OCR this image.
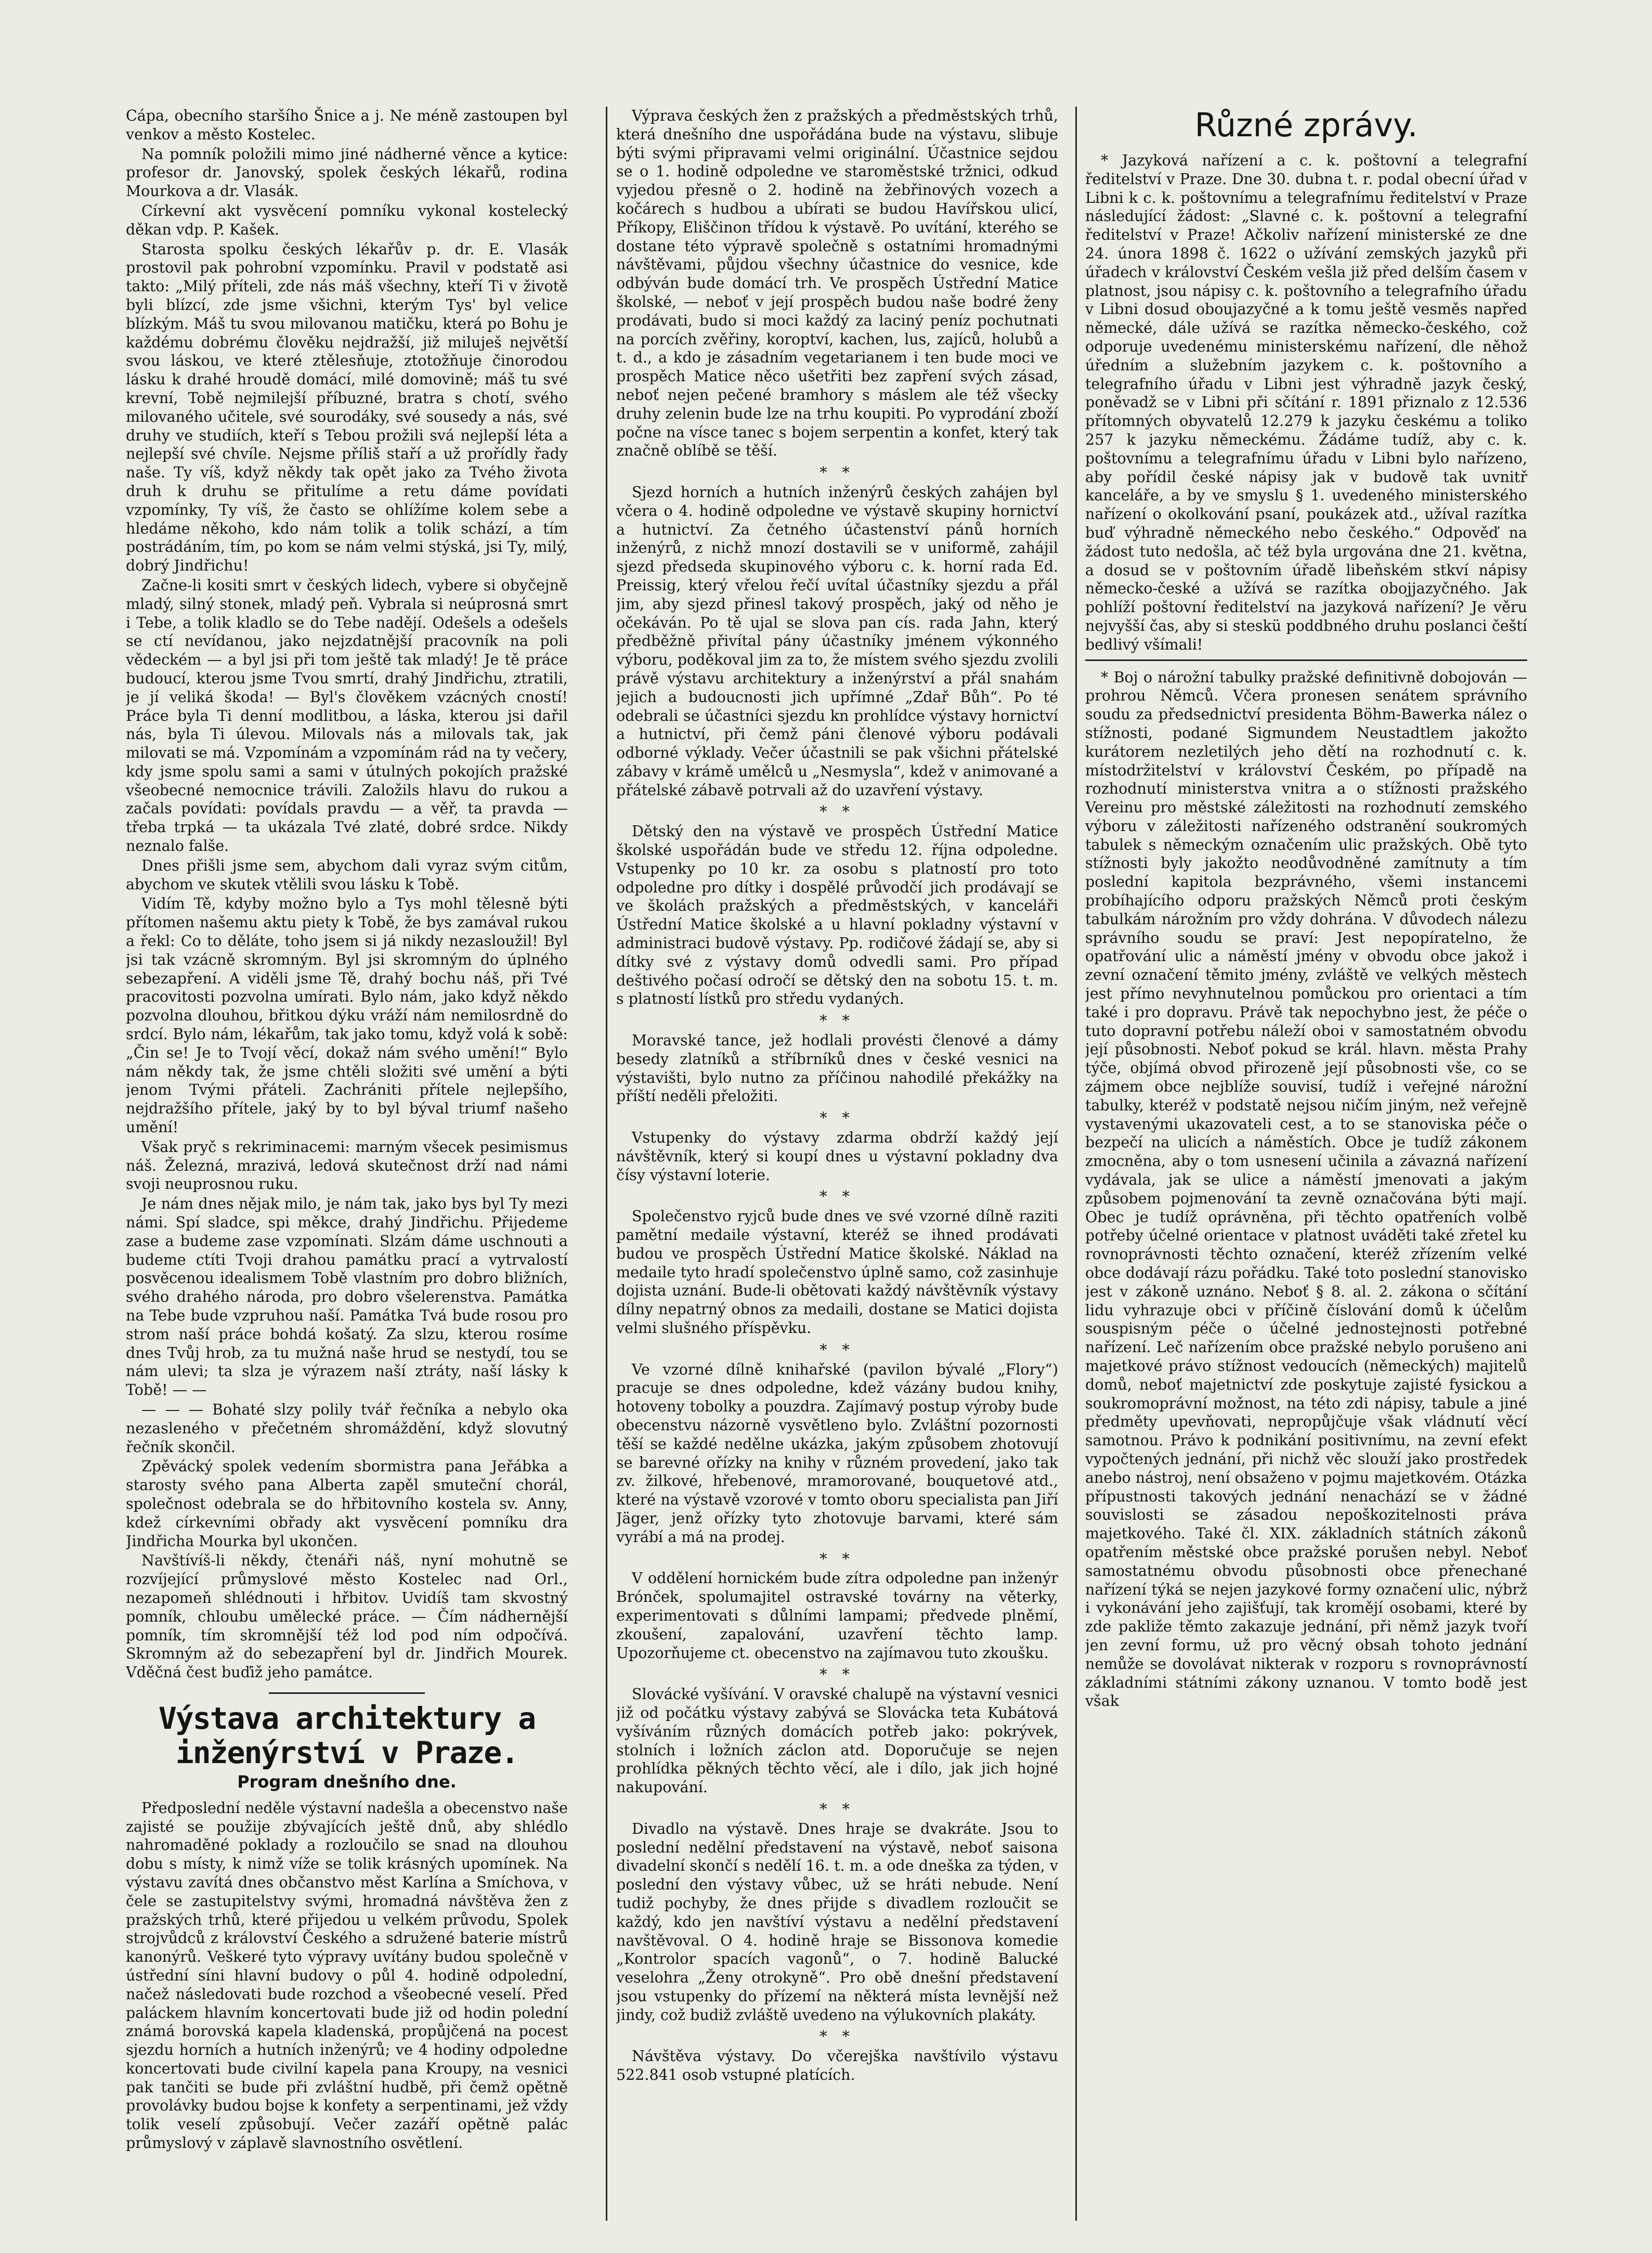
Cápa, obecního staršího Šnice a j. Ne méně zastoupen byl venkov a město Kostelec.

Na pomník položili mimo jiné nádherné věnce a kytice: profesor dr. Janovský, spolek českých lékařů, rodina Mourkova a dr. Vlasák.

Církevní akt vysvěcení pomníku vykonal kostelecký děkan vdp. P. Kašek.

Starosta spolku českých lékařův p. dr. E. Vlasák prostovil pak pohrobní vzpomínku. Pravil v podstatě asi takto: „Milý příteli, zde nás máš všechny, kteří Ti v životě byli blízcí, zde jsme všichni, kterým Tys' byl velice blízkým. Máš tu svou milovanou matičku, která po Bohu je každému dobrému člověku nejdražší, již miluješ největší svou láskou, ve které ztělesňuje, ztotožňuje činorodou lásku k drahé hroudě domácí, milé domovině; máš tu své krevní, Tobě nejmilejší příbuzné, bratra s chotí, svého milovaného učitele, své sourodáky, své sousedy a nás, své druhy ve studiích, kteří s Tebou prožili svá nejlepší léta a nejlepší své chvíle. Nejsme příliš staří a už prořídly řady naše. Ty víš, když někdy tak opět jako za Tvého života druh k druhu se přitulíme a retu dáme povídati vzpomínky, Ty víš, že často se ohlížíme kolem sebe a hledáme někoho, kdo nám tolik a tolik schází, a tím postrádáním, tím, po kom se nám velmi stýská, jsi Ty, milý, dobrý Jindřichu!

Začne-li kositi smrt v českých lidech, vybere si obyčejně mladý, silný stonek, mladý peň. Vybrala si neúprosná smrt i Tebe, a tolik kladlo se do Tebe nadějí. Odešels a odešels se ctí nevídanou, jako nejzdatnější pracovník na poli vědeckém — a byl jsi při tom ještě tak mladý! Je tě práce budoucí, kterou jsme Tvou smrtí, drahý Jindřichu, ztratili, je jí veliká škoda! — Byl's člověkem vzácných cností! Práce byla Ti denní modlitbou, a láska, kterou jsi dařil nás, byla Ti úlevou. Milovals nás a milovals tak, jak milovati se má. Vzpomínám a vzpomínám rád na ty večery, kdy jsme spolu sami a sami v útulných pokojích pražské všeobecné nemocnice trávili. Založils hlavu do rukou a začals povídati: povídals pravdu — a věř, ta pravda — třeba trpká — ta ukázala Tvé zlaté, dobré srdce. Nikdy neznalo falše.

Dnes přišli jsme sem, abychom dali vyraz svým citům, abychom ve skutek vtělili svou lásku k Tobě.

Vidím Tě, kdyby možno bylo a Tys mohl tělesně býti přítomen našemu aktu piety k Tobě, že bys zamával rukou a řekl: Co to děláte, toho jsem si já nikdy nezasloužil! Byl jsi tak vzácně skromným. Byl jsi skromným do úplného sebezapření. A viděli jsme Tě, drahý bochu náš, při Tvé pracovitosti pozvolna umírati. Bylo nám, jako když někdo pozvolna dlouhou, břitkou dýku vráží nám nemilosrdně do srdcí. Bylo nám, lékařům, tak jako tomu, když volá k sobě: „Čin se! Je to Tvojí věcí, dokaž nám svého umění!“ Bylo nám někdy tak, že jsme chtěli složiti své umění a býti jenom Tvými přáteli. Zachrániti přítele nejlepšího, nejdražšího přítele, jaký by to byl býval triumf našeho umění!

Však pryč s rekriminacemi: marným všecek pesimismus náš. Železná, mrazivá, ledová skutečnost drží nad námi svoji neuprosnou ruku.

Je nám dnes nějak milo, je nám tak, jako bys byl Ty mezi námi. Spí sladce, spi měkce, drahý Jindřichu. Přijedeme zase a budeme zase vzpomínati. Slzám dáme uschnouti a budeme ctíti Tvoji drahou památku prací a vytrvalostí posvěcenou idealismem Tobě vlastním pro dobro bližních, svého drahého národa, pro dobro všelerenstva. Památka na Tebe bude vzpruhou naší. Památka Tvá bude rosou pro strom naší práce bohdá košatý. Za slzu, kterou rosíme dnes Tvůj hrob, za tu mužná naše hrud se nestydí, tou se nám ulevi; ta slza je výrazem naší ztráty, naší lásky k Tobě! — —

— — — Bohaté slzy polily tvář řečníka a nebylo oka nezasleného v přečetném shromáždění, když slovutný řečník skončil.

Zpěvácký spolek vedením sbormistra pana Jeřábka a starosty svého pana Alberta zapěl smuteční chorál, společnost odebrala se do hřbitovního kostela sv. Anny, kdež církevními obřady akt vysvěcení pomníku dra Jindřicha Mourka byl ukončen.

Navštívíš-li někdy, čtenáři náš, nyní mohutně se rozvíjející průmyslové město Kostelec nad Orl., nezapomeň shlédnouti i hřbitov. Uvidíš tam skvostný pomník, chloubu umělecké práce. — Čím nádhernější pomník, tím skromnější též lod pod ním odpočívá. Skromným až do sebezapření byl dr. Jindřich Mourek. Vděčná čest buďiž jeho památce.

Výstava architektury a inženýrství v Praze.
Program dnešního dne.

Předposlední neděle výstavní nadešla a obecenstvo naše zajisté se použije zbývajících ještě dnů, aby shlédlo nahromaděné poklady a rozloučilo se snad na dlouhou dobu s místy, k nimž víže se tolik krásných upomínek. Na výstavu zavítá dnes občanstvo měst Karlína a Smíchova, v čele se zastupitelstvy svými, hromadná návštěva žen z pražských trhů, které přijedou u velkém průvodu, Spolek strojvůdců z království Českého a sdružené baterie místrů kanonýrů. Veškeré tyto výpravy uvítány budou společně v ústřední síni hlavní budovy o půl 4. hodině odpolední, načež následovati bude rozchod a všeobecné veselí. Před paláckem hlavním koncertovati bude již od hodin polední známá borovská kapela kladenská, propůjčená na pocest sjezdu horních a hutních inženýrů; ve 4 hodiny odpoledne koncertovati bude civilní kapela pana Kroupy, na vesnici pak tančiti se bude při zvláštní hudbě, při čemž opětně provolávky budou bojse k konfety a serpentinami, jež vždy tolik veselí způsobují. Večer zazáří opětně palác průmyslový v záplavě slavnostního osvětlení.

Výprava českých žen z pražských a předměstských trhů, která dnešního dne uspořádána bude na výstavu, slibuje býti svými připravami velmi originální. Účastnice sejdou se o 1. hodině odpoledne ve staroměstské tržnici, odkud vyjedou přesně o 2. hodině na žebřinových vozech a kočárech s hudbou a ubírati se budou Havířskou ulicí, Příkopy, Eliščinon třídou k výstavě. Po uvítání, kterého se dostane této výpravě společně s ostatními hromadnými návštěvami, půjdou všechny účastnice do vesnice, kde odbýván bude domácí trh. Ve prospěch Ústřední Matice školské, — neboť v její prospěch budou naše bodré ženy prodávati, budo si moci každý za laciný peníz pochutnati na porcích zvěřiny, koroptví, kachen, lus, zajíců, holubů a t. d., a kdo je zásadním vegetarianem i ten bude moci ve prospěch Matice něco ušetřiti bez zapření svých zásad, neboť nejen pečené bramhory s máslem ale též všecky druhy zelenin bude lze na trhu koupiti. Po vyprodání zboží počne na vísce tanec s bojem serpentin a konfet, který tak značně oblíbě se těší.

* *

Sjezd horních a hutních inženýrů českých zahájen byl včera o 4. hodině odpoledne ve výstavě skupiny hornictví a hutnictví. Za četného účastenství pánů horních inženýrů, z nichž mnozí dostavili se v uniformě, zahájil sjezd předseda skupinového výboru c. k. horní rada Ed. Preissig, který vřelou řečí uvítal účastníky sjezdu a přál jim, aby sjezd přinesl takový prospěch, jaký od něho je očekáván. Po tě ujal se slova pan cís. rada Jahn, který předběžně přivítal pány účastníky jménem výkonného výboru, poděkoval jim za to, že místem svého sjezdu zvolili právě výstavu architektury a inženýrství a přál snahám jejich a budoucnosti jich upřímné „Zdař Bůh“. Po té odebrali se účastníci sjezdu kn prohlídce výstavy hornictví a hutnictví, při čemž páni členové výboru podávali odborné výklady. Večer účastnili se pak všichni přátelské zábavy v krámě umělců u „Nesmysla“, kdež v animované a přátelské zábavě potrvali až do uzavření výstavy.

* *

Dětský den na výstavě ve prospěch Ústřední Matice školské uspořádán bude ve středu 12. října odpoledne. Vstupenky po 10 kr. za osobu s platností pro toto odpoledne pro dítky i dospělé průvodčí jich prodávají se ve školách pražských a předměstských, v kanceláři Ústřední Matice školské a u hlavní pokladny výstavní v administraci budově výstavy. Pp. rodičové žádají se, aby si dítky své z výstavy domů odvedli sami. Pro případ deštivého počasí odročí se dětský den na sobotu 15. t. m. s platností lístků pro středu vydaných.

* *

Moravské tance, jež hodlali provésti členové a dámy besedy zlatníků a stříbrníků dnes v české vesnici na výstavišti, bylo nutno za příčinou nahodilé překážky na příští neděli přeložiti.

* *

Vstupenky do výstavy zdarma obdrží každý její návštěvník, který si koupí dnes u výstavní pokladny dva čísy výstavní loterie.

* *

Společenstvo ryjců bude dnes ve své vzorné dílně raziti pamětní medaile výstavní, kteréž se ihned prodávati budou ve prospěch Ústřední Matice školské. Náklad na medaile tyto hradí společenstvo úplně samo, což zasinhuje dojista uznání. Bude-li obětovati každý návštěvník výstavy dílny nepatrný obnos za medaili, dostane se Matici dojista velmi slušného příspěvku.

* *

Ve vzorné dílně knihařské (pavilon bývalé „Flory“) pracuje se dnes odpoledne, kdež vázány budou knihy, hotoveny tobolky a pouzdra. Zajímavý postup výroby bude obecenstvu názorně vysvětleno bylo. Zvláštní pozornosti těší se každé nedělne ukázka, jakým způsobem zhotovují se barevné ořízky na knihy v různém provedení, jako tak zv. žilkové, hřebenové, mramorované, bouquetové atd., které na výstavě vzorové v tomto oboru specialista pan Jiří Jäger, jenž ořízky tyto zhotovuje barvami, které sám vyrábí a má na prodej.

* *

V oddělení hornickém bude zítra odpoledne pan inženýr Brónček, spolumajitel ostravské továrny na věterky, experimentovati s důlními lampami; předvede plněmí, zkoušení, zapalování, uzavření těchto lamp. Upozorňujeme ct. obecenstvo na zajímavou tuto zkoušku.

* *

Slovácké vyšívání. V oravské chalupě na výstavní vesnici již od počátku výstavy zabývá se Slovácka teta Kubátová vyšíváním různých domácích potřeb jako: pokrývek, stolních i ložních záclon atd. Doporučuje se nejen prohlídka pěkných těchto věcí, ale i dílo, jak jich hojné nakupování.

* *

Divadlo na výstavě. Dnes hraje se dvakráte. Jsou to poslední nedělní představení na výstavě, neboť saisona divadelní skončí s nedělí 16. t. m. a ode dneška za týden, v poslední den výstavy vůbec, už se hráti nebude. Není tudiž pochyby, že dnes přijde s divadlem rozloučit se každý, kdo jen navštíví výstavu a nedělní představení navštěvoval. O 4. hodině hraje se Bissonova komedie „Kontrolor spacích vagonů“, o 7. hodině Balucké veselohra „Ženy otrokyně“. Pro obě dnešní představení jsou vstupenky do přízemí na některá místa levnější než jindy, což budiž zvláště uvedeno na výlukovních plakáty.

* *

Návštěva výstavy. Do včerejška navštívilo výstavu 522.841 osob vstupné platících.

Různé zprávy.

* Jazyková nařízení a c. k. poštovní a telegrafní ředitelství v Praze. Dne 30. dubna t. r. podal obecní úřad v Libni k c. k. poštovnímu a telegrafnímu ředitelství v Praze následující žádost: „Slavné c. k. poštovní a telegrafní ředitelství v Praze! Ačkoliv nařízení ministerské ze dne 24. února 1898 č. 1622 o užívání zemských jazyků při úřadech v království Českém vešla již před delším časem v platnost, jsou nápisy c. k. poštovního a telegrafního úřadu v Libni dosud oboujazyčné a k tomu ještě vesměs napřed německé, dále užívá se razítka německo-českého, což odporuje uvedenému ministerskému nařízení, dle něhož úředním a služebním jazykem c. k. poštovního a telegrafního úřadu v Libni jest výhradně jazyk český, poněvadž se v Libni při sčítání r. 1891 přiznalo z 12.536 přítomných obyvatelů 12.279 k jazyku českému a toliko 257 k jazyku německému. Žádáme tudíž, aby c. k. poštovnímu a telegrafnímu úřadu v Libni bylo nařízeno, aby pořídil české nápisy jak v budově tak uvnitř kanceláře, a by ve smyslu § 1. uvedeného ministerského nařízení o okolkování psaní, poukázek atd., užíval razítka buď výhradně německého nebo českého.“ Odpověď na žádost tuto nedošla, ač též byla urgována dne 21. května, a dosud se v poštovním úřadě libeňském stkví nápisy německo-české a užívá se razítka obojjazyčného. Jak pohlíží poštovní ředitelství na jazyková nařízení? Je věru nejvyšší čas, aby si steskü poddbného druhu poslanci čeští bedlivý všímali!

* Boj o nárožní tabulky pražské definitivně dobojován — prohrou Němců. Včera pronesen senátem správního soudu za předsednictví presidenta Böhm-Bawerka nález o stížnosti, podané Sigmundem Neustadtlem jakožto kurátorem nezletilých jeho dětí na rozhodnutí c. k. místodržitelství v království Českém, po případě na rozhodnutí ministerstva vnitra a o stížnosti pražského Vereinu pro městské záležitosti na rozhodnutí zemského výboru v záležitosti nařízeného odstranění soukromých tabulek s německým označením ulic pražských. Obě tyto stížnosti byly jakožto neodůvodněné zamítnuty a tím poslední kapitola bezprávného, všemi instancemi probíhajícího odporu pražských Němců proti českým tabulkám nárožním pro vždy dohrána. V důvodech nálezu správního soudu se praví: Jest nepopíratelno, že opatřování ulic a náměstí jmény v obvodu obce jakož i zevní označení těmito jmény, zvláště ve velkých městech jest přímo nevyhnutelnou pomůckou pro orientaci a tím také i pro dopravu. Právě tak nepochybno jest, že péče o tuto dopravní potřebu náleží oboi v samostatném obvodu její působnosti. Neboť pokud se král. hlavn. města Prahy týče, objímá obvod přirozeně její působnosti vše, co se zájmem obce nejblíže souvisí, tudíž i veřejné nárožní tabulky, kteréž v podstatě nejsou ničím jiným, než veřejně vystavenými ukazovateli cest, a to se stanoviska péče o bezpečí na ulicích a náměstích. Obce je tudíž zákonem zmocněna, aby o tom usnesení učinila a závazná nařízení vydávala, jak se ulice a náměstí jmenovati a jakým způsobem pojmenování ta zevně označována býti mají. Obec je tudíž oprávněna, při těchto opatřeních volbě potřeby účelné orientace v platnost uváděti také zřetel ku rovnoprávnosti těchto označení, kteréž zřízením velké obce dodávají rázu pořádku. Také toto poslední stanovisko jest v zákoně uznáno. Neboť § 8. al. 2. zákona o sčítání lidu vyhrazuje obci v příčině číslování domů k účelům souspisným péče o účelné jednostejnosti potřebné nařízení. Leč nařízením obce pražské nebylo porušeno ani majetkové právo stížnost vedoucích (německých) majitelů domů, neboť majetnictví zde poskytuje zajisté fysickou a soukromoprávní možnost, na této zdi nápisy, tabule a jiné předměty upevňovati, nepropůjčuje však vládnutí věcí samotnou. Právo k podnikání positivnímu, na zevní efekt vypočtených jednání, při nichž věc slouží jako prostředek anebo nástroj, není obsaženo v pojmu majetkovém. Otázka přípustnosti takových jednání nenachází se v žádné souvislosti se zásadou nepoškozitelnosti práva majetkového. Také čl. XIX. základních státních zákonů opatřením městské obce pražské porušen nebyl. Neboť samostatnému obvodu působnosti obce přenechané nařízení týká se nejen jazykové formy označení ulic, nýbrž i vykonávání jeho zajišťují, tak kromějí osobami, které by zde pakliže těmto zakazuje jednání, při němž jazyk tvoří jen zevní formu, už pro věcný obsah tohoto jednání nemůže se dovolávat nikterak v rozporu s rovnoprávností základními státními zákony uznanou. V tomto bodě jest však
